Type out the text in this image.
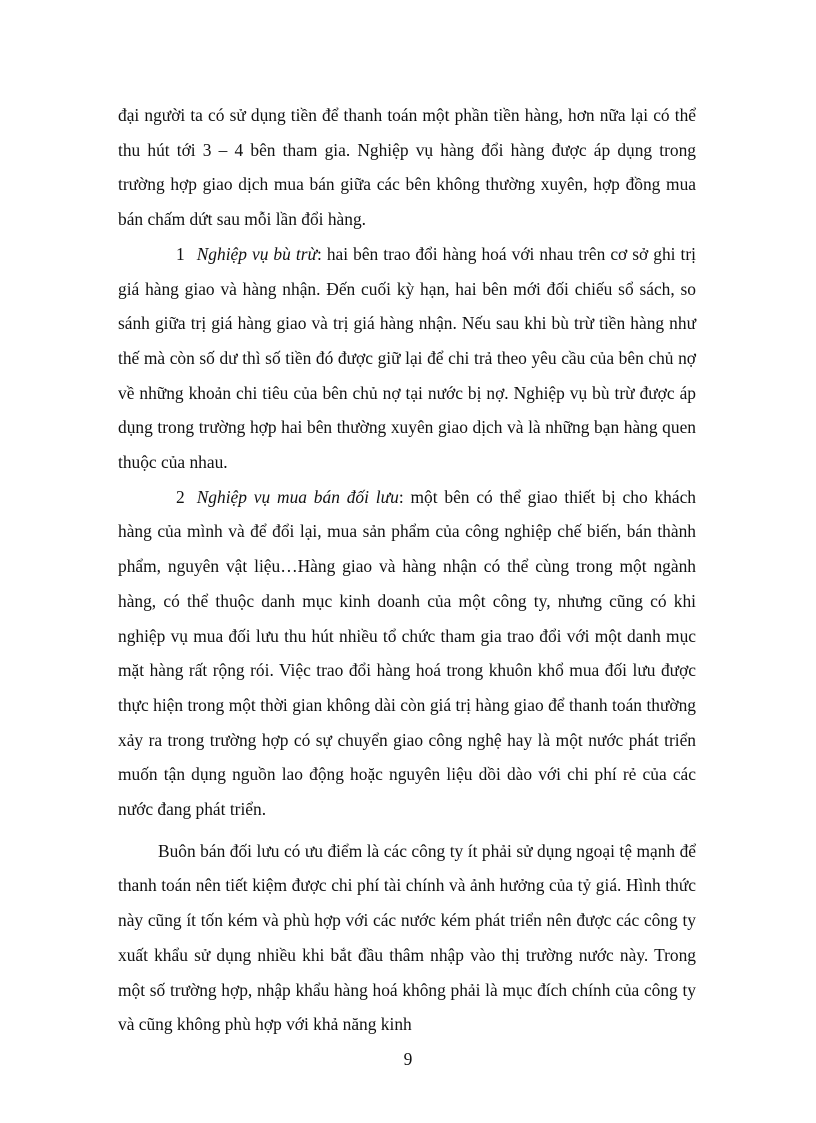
đại người ta có sử dụng tiền để thanh toán một phần tiền hàng, hơn nữa lại có thể thu hút tới 3 – 4 bên tham gia. Nghiệp vụ hàng đổi hàng được áp dụng trong trường hợp giao dịch mua bán giữa các bên không thường xuyên, hợp đồng mua bán chấm dứt sau mỗi lần đổi hàng.

1 Nghiệp vụ bù trừ: hai bên trao đổi hàng hoá với nhau trên cơ sở ghi trị giá hàng giao và hàng nhận. Đến cuối kỳ hạn, hai bên mới đối chiếu sổ sách, so sánh giữa trị giá hàng giao và trị giá hàng nhận. Nếu sau khi bù trừ tiền hàng như thế mà còn số dư thì số tiền đó được giữ lại để chi trả theo yêu cầu của bên chủ nợ về những khoản chi tiêu của bên chủ nợ tại nước bị nợ. Nghiệp vụ bù trừ được áp dụng trong trường hợp hai bên thường xuyên giao dịch và là những bạn hàng quen thuộc của nhau.

2 Nghiệp vụ mua bán đối lưu: một bên có thể giao thiết bị cho khách hàng của mình và để đổi lại, mua sản phẩm của công nghiệp chế biến, bán thành phẩm, nguyên vật liệu…Hàng giao và hàng nhận có thể cùng trong một ngành hàng, có thể thuộc danh mục kinh doanh của một công ty, nhưng cũng có khi nghiệp vụ mua đối lưu thu hút nhiều tổ chức tham gia trao đổi với một danh mục mặt hàng rất rộng rói. Việc trao đổi hàng hoá trong khuôn khổ mua đối lưu được thực hiện trong một thời gian không dài còn giá trị hàng giao để thanh toán thường xảy ra trong trường hợp có sự chuyển giao công nghệ hay là một nước phát triển muốn tận dụng nguồn lao động hoặc nguyên liệu dồi dào với chi phí rẻ của các nước đang phát triển.

Buôn bán đối lưu có ưu điểm là các công ty ít phải sử dụng ngoại tệ mạnh để thanh toán nên tiết kiệm được chi phí tài chính và ảnh hưởng của tỷ giá. Hình thức này cũng ít tốn kém và phù hợp với các nước kém phát triển nên được các công ty xuất khẩu sử dụng nhiều khi bắt đầu thâm nhập vào thị trường nước này. Trong một số trường hợp, nhập khẩu hàng hoá không phải là mục đích chính của công ty và cũng không phù hợp với khả năng kinh

9
